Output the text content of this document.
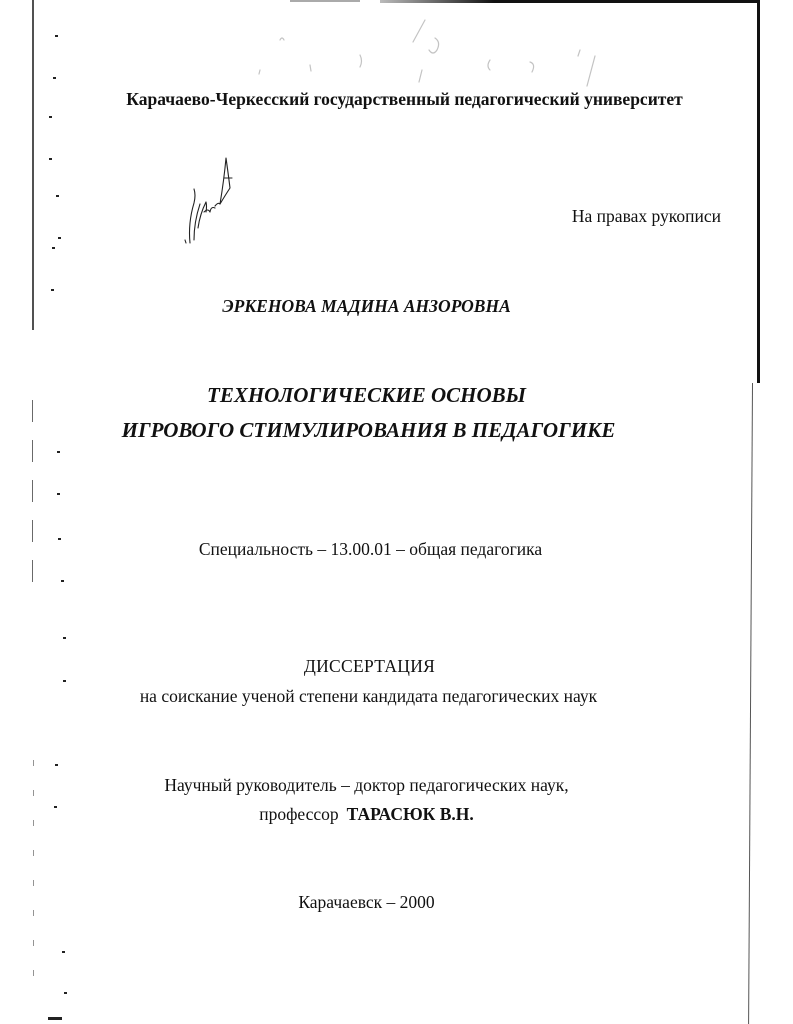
Карачаево-Черкесский государственный педагогический университет
На правах рукописи
ЭРКЕНОВА МАДИНА АНЗОРОВНА
ТЕХНОЛОГИЧЕСКИЕ ОСНОВЫ
ИГРОВОГО СТИМУЛИРОВАНИЯ В ПЕДАГОГИКЕ
Специальность – 13.00.01 – общая педагогика
ДИССЕРТАЦИЯ
на соискание ученой степени кандидата педагогических наук
Научный руководитель – доктор педагогических наук,
профессор ТАРАСЮК В.Н.
Карачаевск – 2000
